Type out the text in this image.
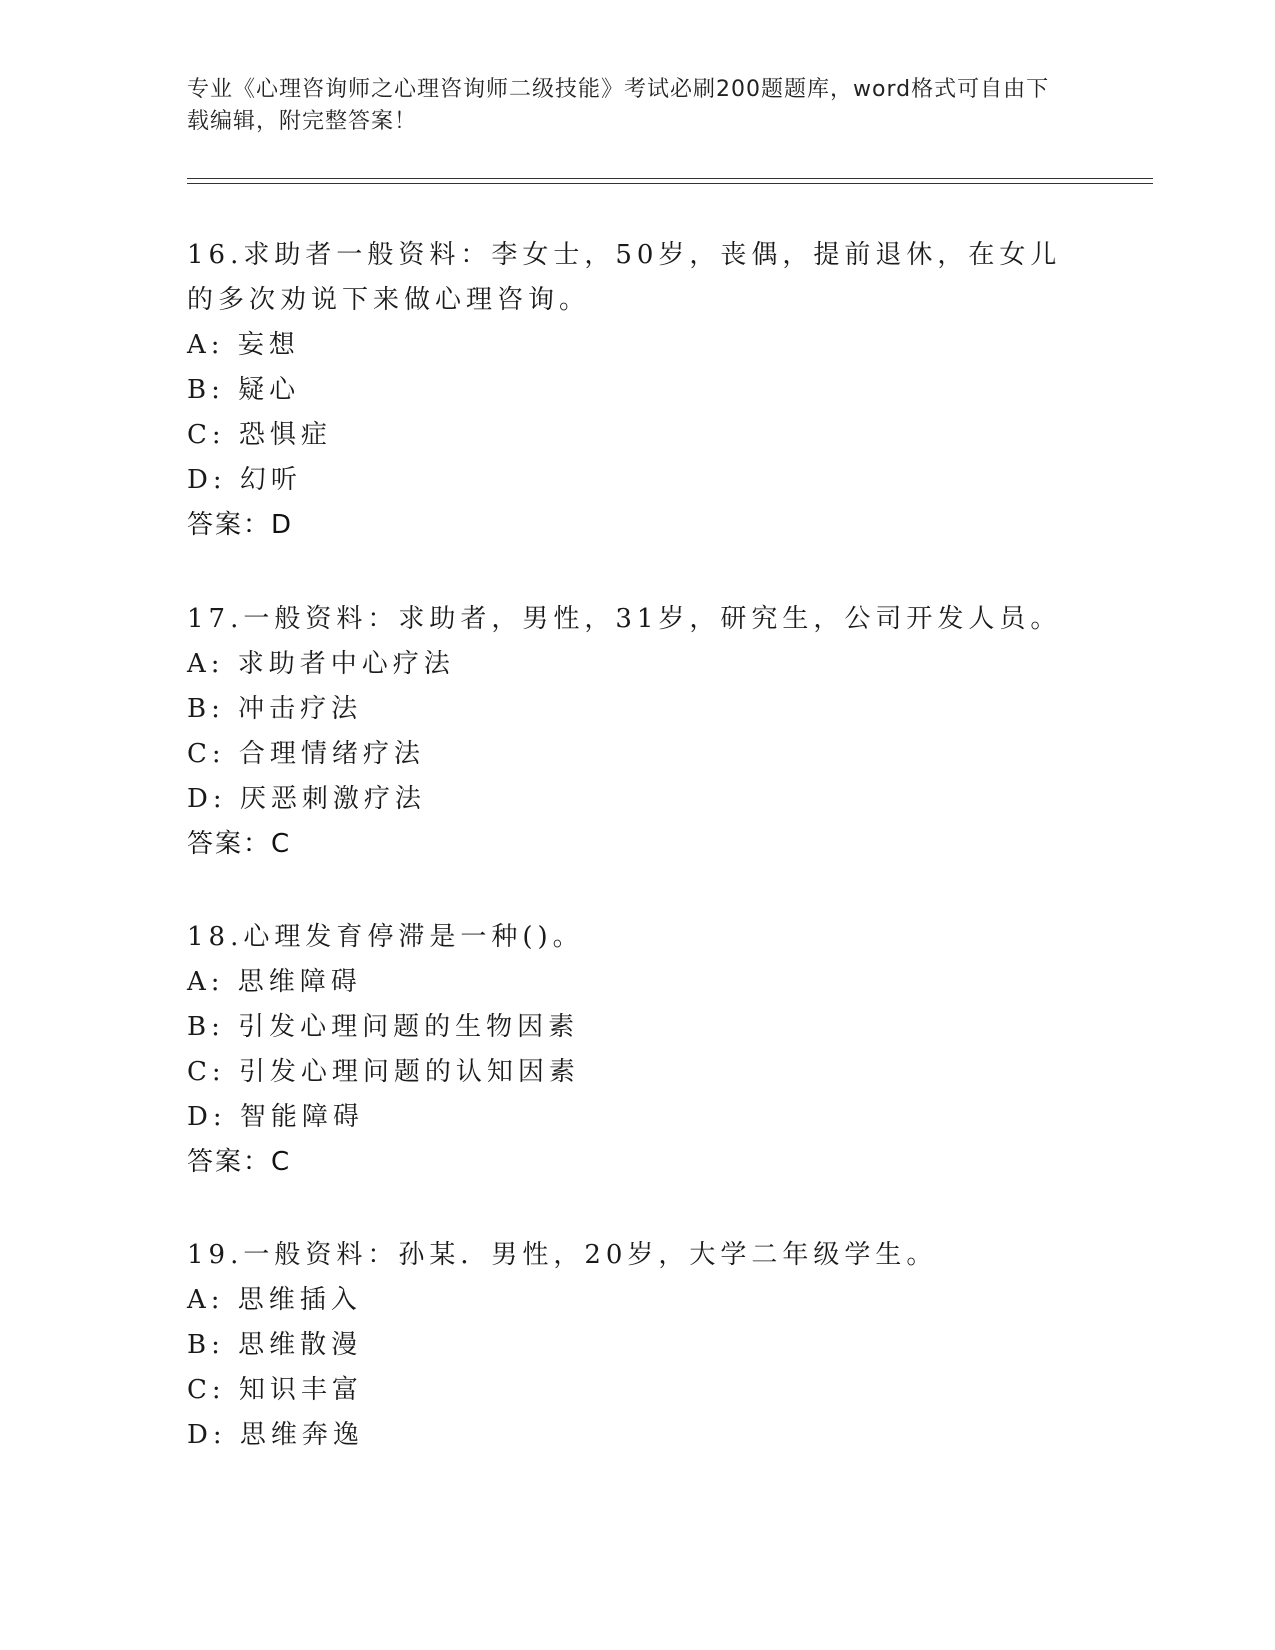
专业《心理咨询师之心理咨询师二级技能》考试必刷200题题库，word格式可自由下载编辑，附完整答案！

16.求助者一般资料：李女士，50岁，丧偶，提前退休，在女儿的多次劝说下来做心理咨询。

A: 妄想

B: 疑心

C: 恐惧症

D: 幻听

答案：D

17.一般资料：求助者，男性，31岁，研究生，公司开发人员。

A: 求助者中心疗法

B: 冲击疗法

C: 合理情绪疗法

D: 厌恶刺激疗法

答案：C

18.心理发育停滞是一种()。

A: 思维障碍

B: 引发心理问题的生物因素

C: 引发心理问题的认知因素

D: 智能障碍

答案：C

19.一般资料：孙某．男性，20岁，大学二年级学生。

A: 思维插入

B: 思维散漫

C: 知识丰富

D: 思维奔逸
